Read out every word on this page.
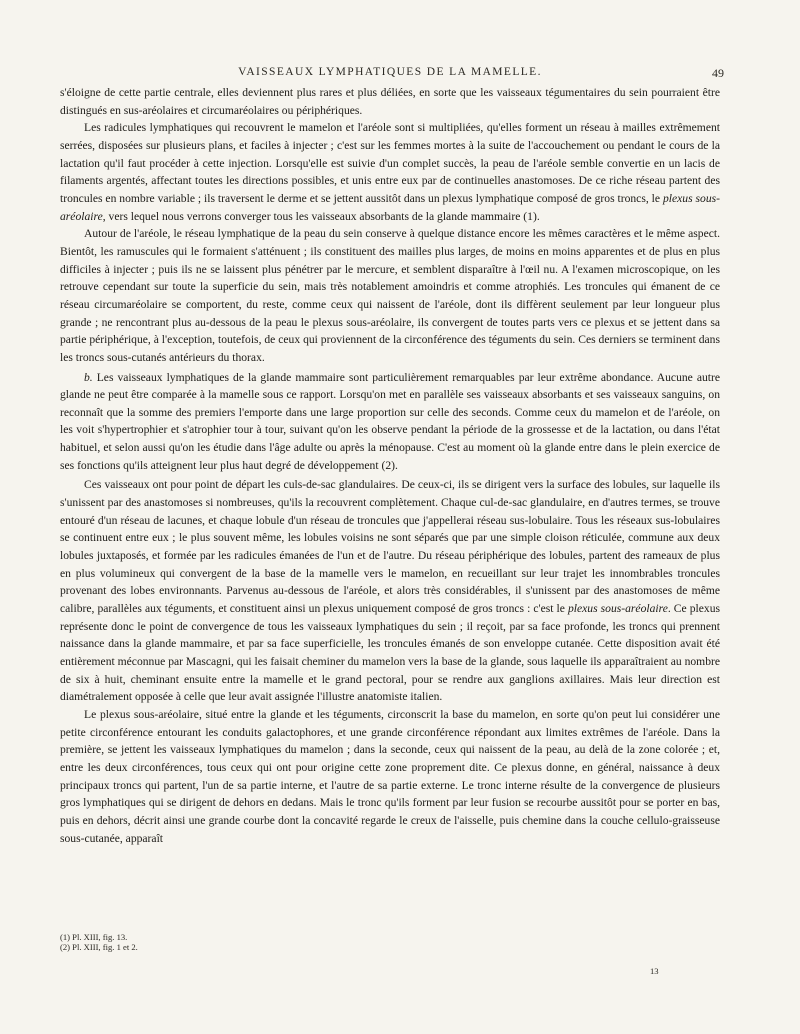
VAISSEAUX LYMPHATIQUES DE LA MAMELLE.	49

s'éloigne de cette partie centrale, elles deviennent plus rares et plus déliées, en sorte que les vaisseaux tégumentaires du sein pourraient être distingués en sus-aréolaires et circumaréolaires ou périphériques.

Les radicules lymphatiques qui recouvrent le mamelon et l'aréole sont si multipliées, qu'elles forment un réseau à mailles extrêmement serrées, disposées sur plusieurs plans, et faciles à injecter ; c'est sur les femmes mortes à la suite de l'accouchement ou pendant le cours de la lactation qu'il faut procéder à cette injection. Lorsqu'elle est suivie d'un complet succès, la peau de l'aréole semble convertie en un lacis de filaments argentés, affectant toutes les directions possibles, et unis entre eux par de continuelles anastomoses. De ce riche réseau partent des troncules en nombre variable ; ils traversent le derme et se jettent aussitôt dans un plexus lymphatique composé de gros troncs, le plexus sous-aréolaire, vers lequel nous verrons converger tous les vaisseaux absorbants de la glande mammaire (1).

Autour de l'aréole, le réseau lymphatique de la peau du sein conserve à quelque distance encore les mêmes caractères et le même aspect. Bientôt, les ramuscules qui le formaient s'atténuent ; ils constituent des mailles plus larges, de moins en moins apparentes et de plus en plus difficiles à injecter ; puis ils ne se laissent plus pénétrer par le mercure, et semblent disparaître à l'œil nu. A l'examen microscopique, on les retrouve cependant sur toute la superficie du sein, mais très notablement amoindris et comme atrophiés. Les troncules qui émanent de ce réseau circumaréolaire se comportent, du reste, comme ceux qui naissent de l'aréole, dont ils diffèrent seulement par leur longueur plus grande ; ne rencontrant plus au-dessous de la peau le plexus sous-aréolaire, ils convergent de toutes parts vers ce plexus et se jettent dans sa partie périphérique, à l'exception, toutefois, de ceux qui proviennent de la circonférence des téguments du sein. Ces derniers se terminent dans les troncs sous-cutanés antérieurs du thorax.

b. Les vaisseaux lymphatiques de la glande mammaire sont particulièrement remarquables par leur extrême abondance. Aucune autre glande ne peut être comparée à la mamelle sous ce rapport. Lorsqu'on met en parallèle ses vaisseaux absorbants et ses vaisseaux sanguins, on reconnaît que la somme des premiers l'emporte dans une large proportion sur celle des seconds. Comme ceux du mamelon et de l'aréole, on les voit s'hypertrophier et s'atrophier tour à tour, suivant qu'on les observe pendant la période de la grossesse et de la lactation, ou dans l'état habituel, et selon aussi qu'on les étudie dans l'âge adulte ou après la ménopause. C'est au moment où la glande entre dans le plein exercice de ses fonctions qu'ils atteignent leur plus haut degré de développement (2).

Ces vaisseaux ont pour point de départ les culs-de-sac glandulaires. De ceux-ci, ils se dirigent vers la surface des lobules, sur laquelle ils s'unissent par des anastomoses si nombreuses, qu'ils la recouvrent complètement. Chaque cul-de-sac glandulaire, en d'autres termes, se trouve entouré d'un réseau de lacunes, et chaque lobule d'un réseau de troncules que j'appellerai réseau sus-lobulaire. Tous les réseaux sus-lobulaires se continuent entre eux ; le plus souvent même, les lobules voisins ne sont séparés que par une simple cloison réticulée, commune aux deux lobules juxtaposés, et formée par les radicules émanées de l'un et de l'autre. Du réseau périphérique des lobules, partent des rameaux de plus en plus volumineux qui convergent de la base de la mamelle vers le mamelon, en recueillant sur leur trajet les innombrables troncules provenant des lobes environnants. Parvenus au-dessous de l'aréole, et alors très considérables, il s'unissent par des anastomoses de même calibre, parallèles aux téguments, et constituent ainsi un plexus uniquement composé de gros troncs : c'est le plexus sous-aréolaire. Ce plexus représente donc le point de convergence de tous les vaisseaux lymphatiques du sein ; il reçoit, par sa face profonde, les troncs qui prennent naissance dans la glande mammaire, et par sa face superficielle, les troncules émanés de son enveloppe cutanée. Cette disposition avait été entièrement méconnue par Mascagni, qui les faisait cheminer du mamelon vers la base de la glande, sous laquelle ils apparaîtraient au nombre de six à huit, cheminant ensuite entre la mamelle et le grand pectoral, pour se rendre aux ganglions axillaires. Mais leur direction est diamétralement opposée à celle que leur avait assignée l'illustre anatomiste italien.

Le plexus sous-aréolaire, situé entre la glande et les téguments, circonscrit la base du mamelon, en sorte qu'on peut lui considérer une petite circonférence entourant les conduits galactophores, et une grande circonférence répondant aux limites extrêmes de l'aréole. Dans la première, se jettent les vaisseaux lymphatiques du mamelon ; dans la seconde, ceux qui naissent de la peau, au delà de la zone colorée ; et, entre les deux circonférences, tous ceux qui ont pour origine cette zone proprement dite. Ce plexus donne, en général, naissance à deux principaux troncs qui partent, l'un de sa partie interne, et l'autre de sa partie externe. Le tronc interne résulte de la convergence de plusieurs gros lymphatiques qui se dirigent de dehors en dedans. Mais le tronc qu'ils forment par leur fusion se recourbe aussitôt pour se porter en bas, puis en dehors, décrit ainsi une grande courbe dont la concavité regarde le creux de l'aisselle, puis chemine dans la couche cellulo-graisseuse sous-cutanée, apparaît

(1) Pl. XIII, fig. 13.
(2) Pl. XIII, fig. 1 et 2.
13
